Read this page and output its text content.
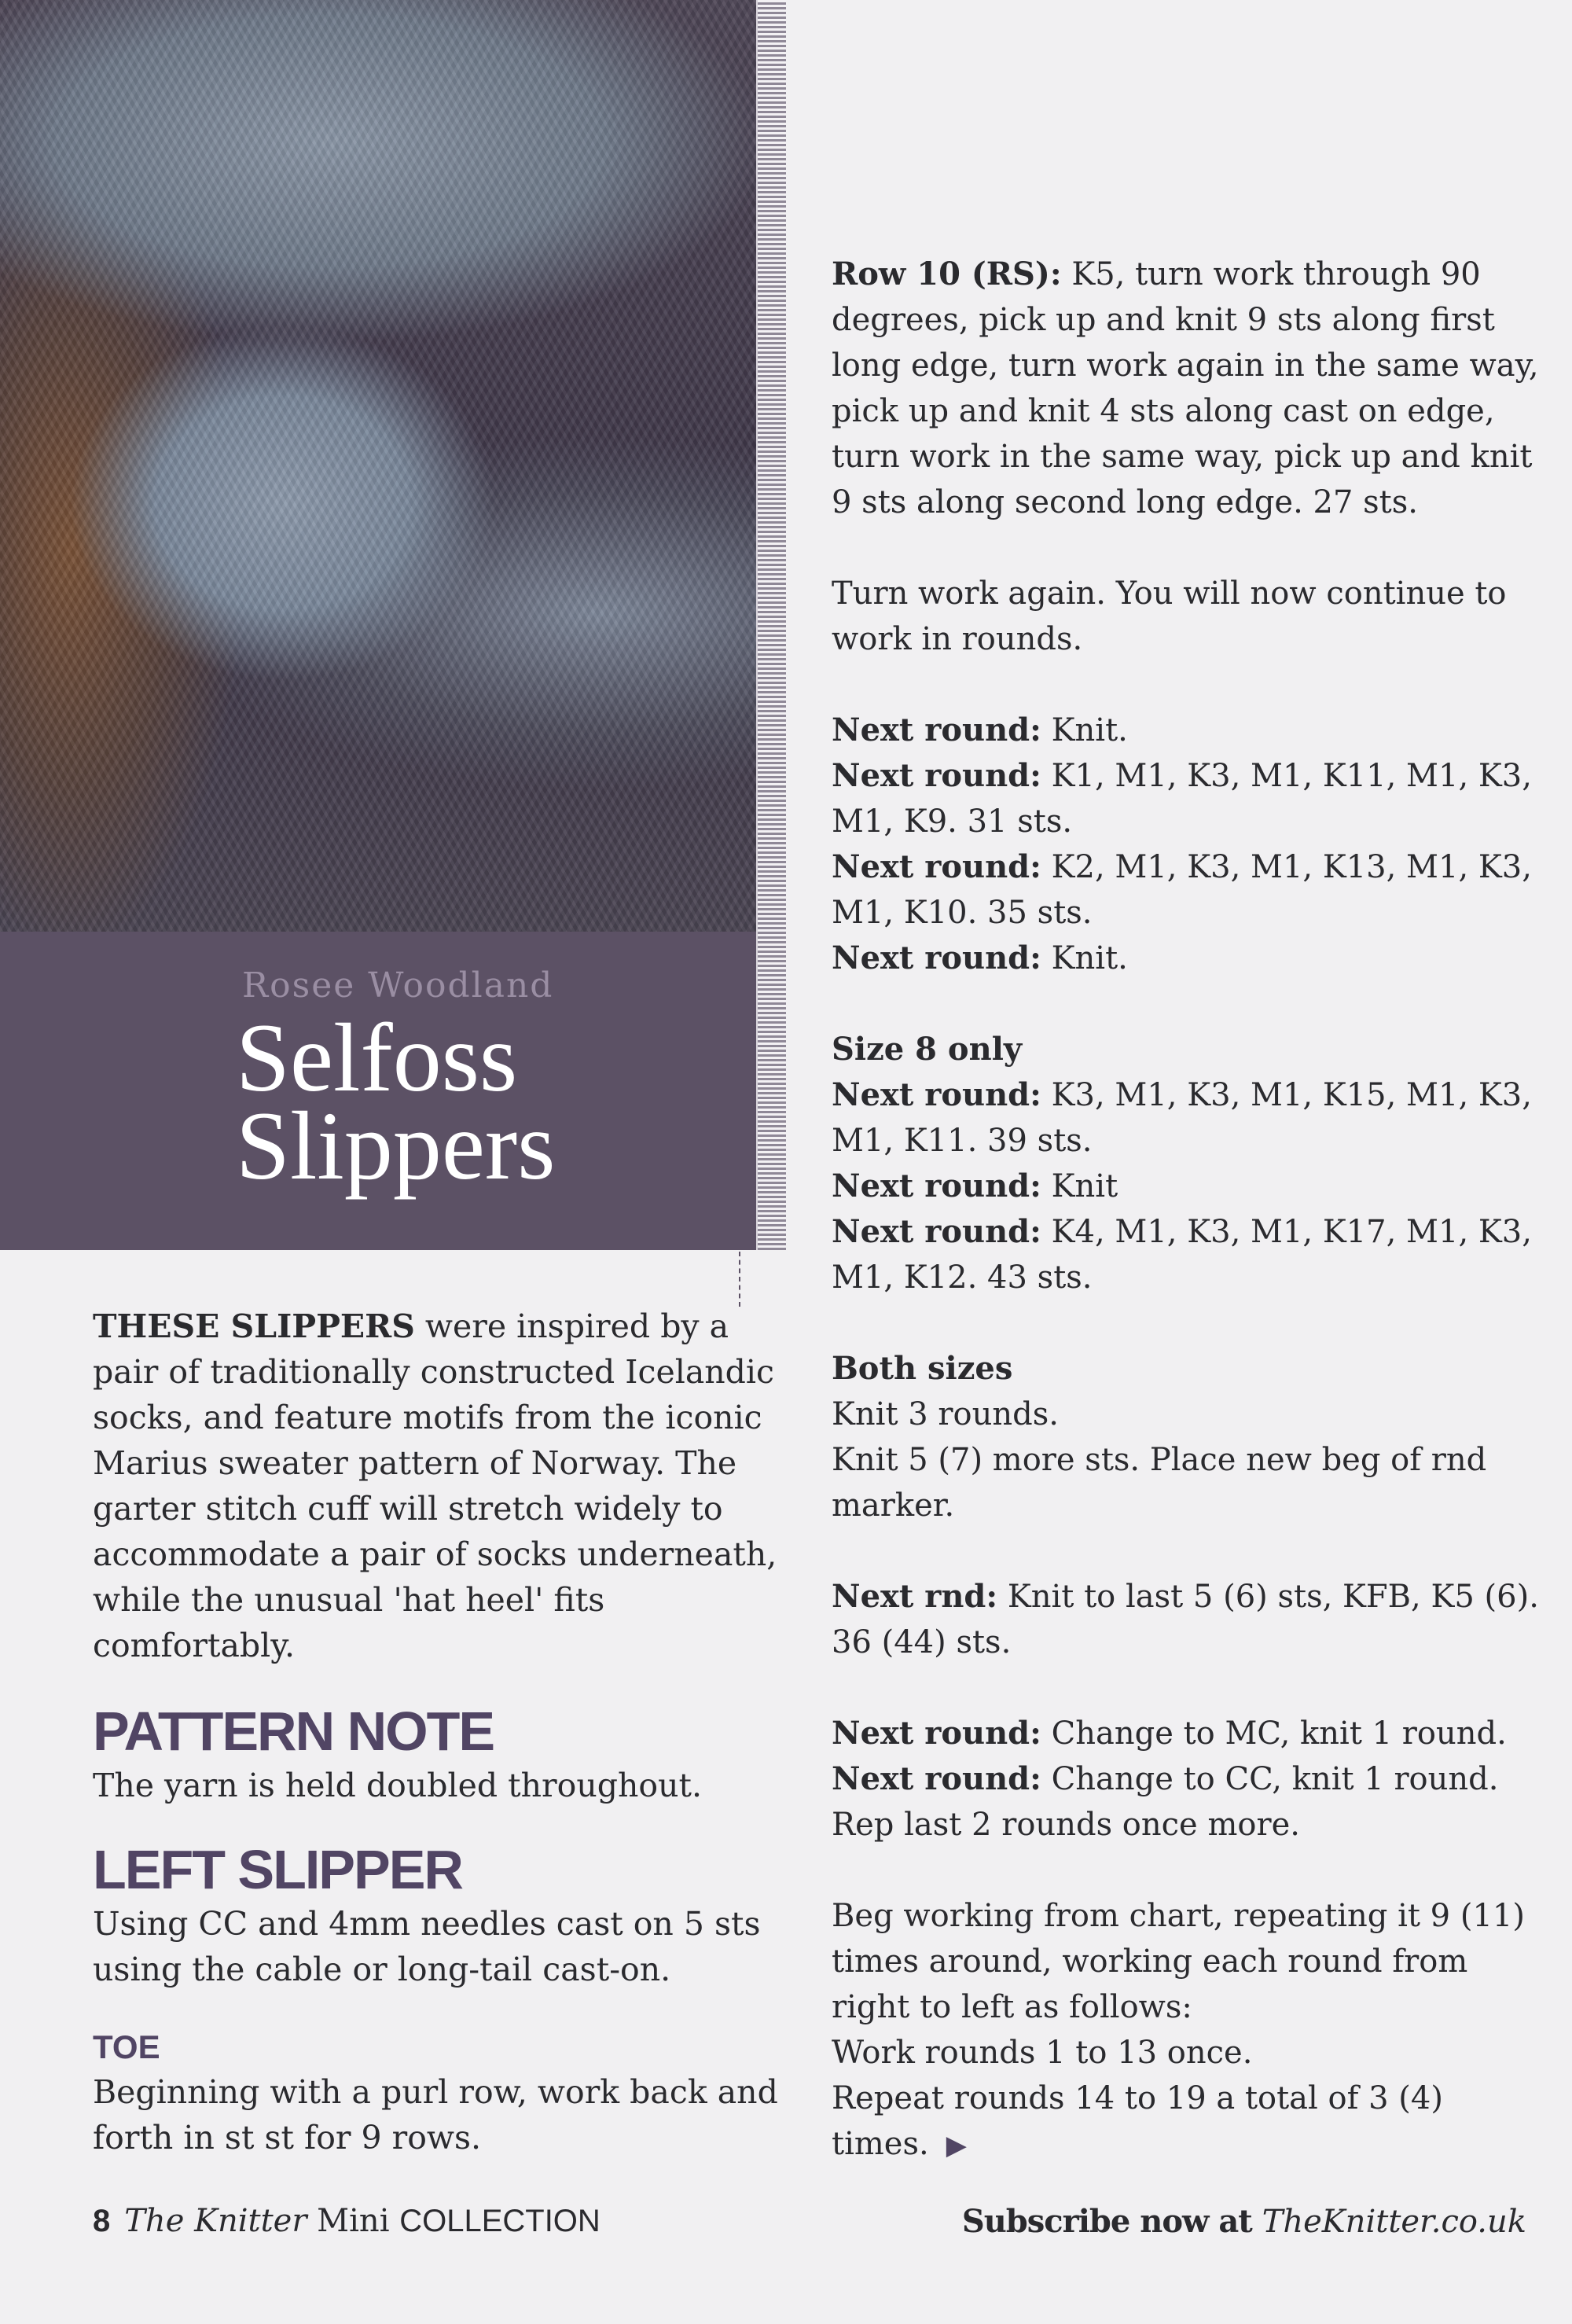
Rosee Woodland
Selfoss
Slippers

THESE SLIPPERS were inspired by a pair of traditionally constructed Icelandic socks, and feature motifs from the iconic Marius sweater pattern of Norway. The garter stitch cuff will stretch widely to accommodate a pair of socks underneath, while the unusual 'hat heel' fits comfortably.

PATTERN NOTE

The yarn is held doubled throughout.

LEFT SLIPPER

Using CC and 4mm needles cast on 5 sts using the cable or long-tail cast-on.

TOE

Beginning with a purl row, work back and forth in st st for 9 rows.

Row 10 (RS): K5, turn work through 90 degrees, pick up and knit 9 sts along first long edge, turn work again in the same way, pick up and knit 4 sts along cast on edge, turn work in the same way, pick up and knit 9 sts along second long edge. 27 sts.

Turn work again. You will now continue to work in rounds.

Next round: Knit.

Next round: K1, M1, K3, M1, K11, M1, K3, M1, K9. 31 sts.

Next round: K2, M1, K3, M1, K13, M1, K3, M1, K10. 35 sts.

Next round: Knit.

Size 8 only

Next round: K3, M1, K3, M1, K15, M1, K3, M1, K11. 39 sts.

Next round: Knit

Next round: K4, M1, K3, M1, K17, M1, K3, M1, K12. 43 sts.

Both sizes

Knit 3 rounds.

Knit 5 (7) more sts. Place new beg of rnd marker.

Next rnd: Knit to last 5 (6) sts, KFB, K5 (6). 36 (44) sts.

Next round: Change to MC, knit 1 round.

Next round: Change to CC, knit 1 round.

Rep last 2 rounds once more.

Beg working from chart, repeating it 9 (11) times around, working each round from right to left as follows:

Work rounds 1 to 13 once.

Repeat rounds 14 to 19 a total of 3 (4) times. ▶

8 The Knitter Mini COLLECTION	Subscribe now at TheKnitter.co.uk
